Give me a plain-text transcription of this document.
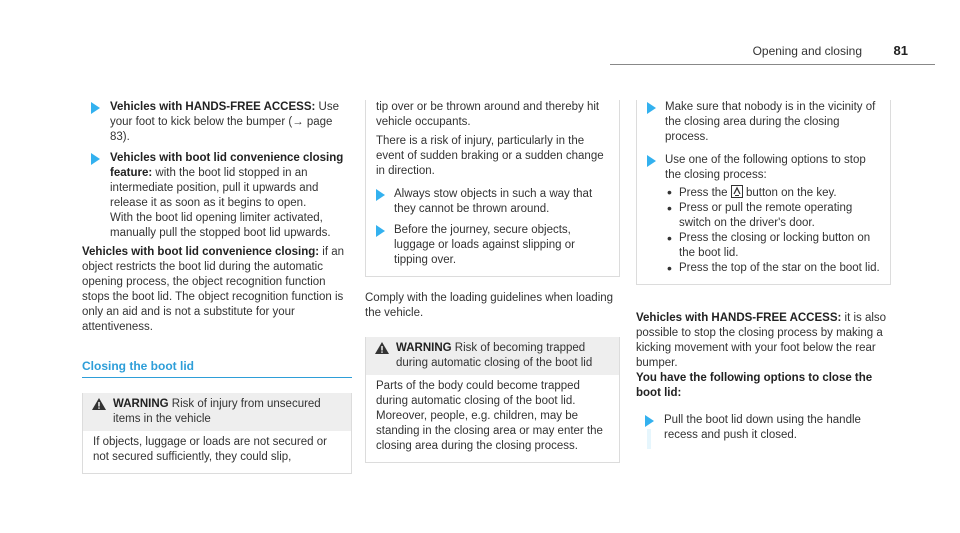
Opening and closing 81

Vehicles with HANDS-FREE ACCESS: Use your foot to kick below the bumper (→ page 83).

Vehicles with boot lid convenience closing feature: with the boot lid stopped in an intermediate position, pull it upwards and release it as soon as it begins to open.

With the boot lid opening limiter activated, manually pull the stopped boot lid upwards.

Vehicles with boot lid convenience closing: if an object restricts the boot lid during the automatic opening process, the object recognition function stops the boot lid. The object recognition function is only an aid and is not a substitute for your attentiveness.

Closing the boot lid

WARNING Risk of injury from unsecured items in the vehicle
If objects, luggage or loads are not secured or not secured sufficiently, they could slip,

tip over or be thrown around and thereby hit vehicle occupants.

There is a risk of injury, particularly in the event of sudden braking or a sudden change in direction.

Always stow objects in such a way that they cannot be thrown around.

Before the journey, secure objects, luggage or loads against slipping or tipping over.

Comply with the loading guidelines when loading the vehicle.

WARNING Risk of becoming trapped during automatic closing of the boot lid
Parts of the body could become trapped during automatic closing of the boot lid. Moreover, people, e.g. children, may be standing in the closing area or may enter the closing area during the closing process.

Make sure that nobody is in the vicinity of the closing area during the closing process.

Use one of the following options to stop the closing process:

• Press the  button on the key.
• Press or pull the remote operating switch on the driver's door.
• Press the closing or locking button on the boot lid.
• Press the top of the star on the boot lid.

Vehicles with HANDS-FREE ACCESS: it is also possible to stop the closing process by making a kicking movement with your foot below the rear bumper.

You have the following options to close the boot lid:

Pull the boot lid down using the handle recess and push it closed.
